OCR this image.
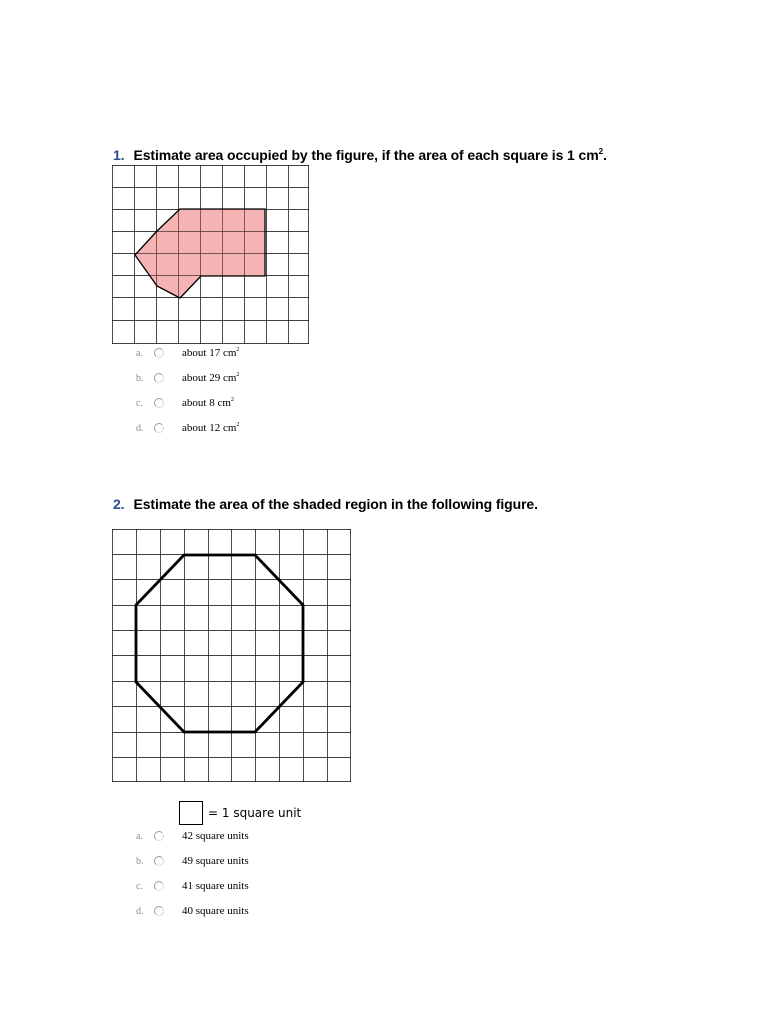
1. Estimate area occupied by the figure, if the area of each square is 1 $cm^2$.
a.	about 17 $cm^2$
b.	about 29 $cm^2$
c.	about 8 $cm^2$
d.	about 12 $cm^2$
2. Estimate the area of the shaded region in the following figure.
= 1 square unit
a.	42 square units
b.	49 square units
c.	41 square units
d.	40 square units
